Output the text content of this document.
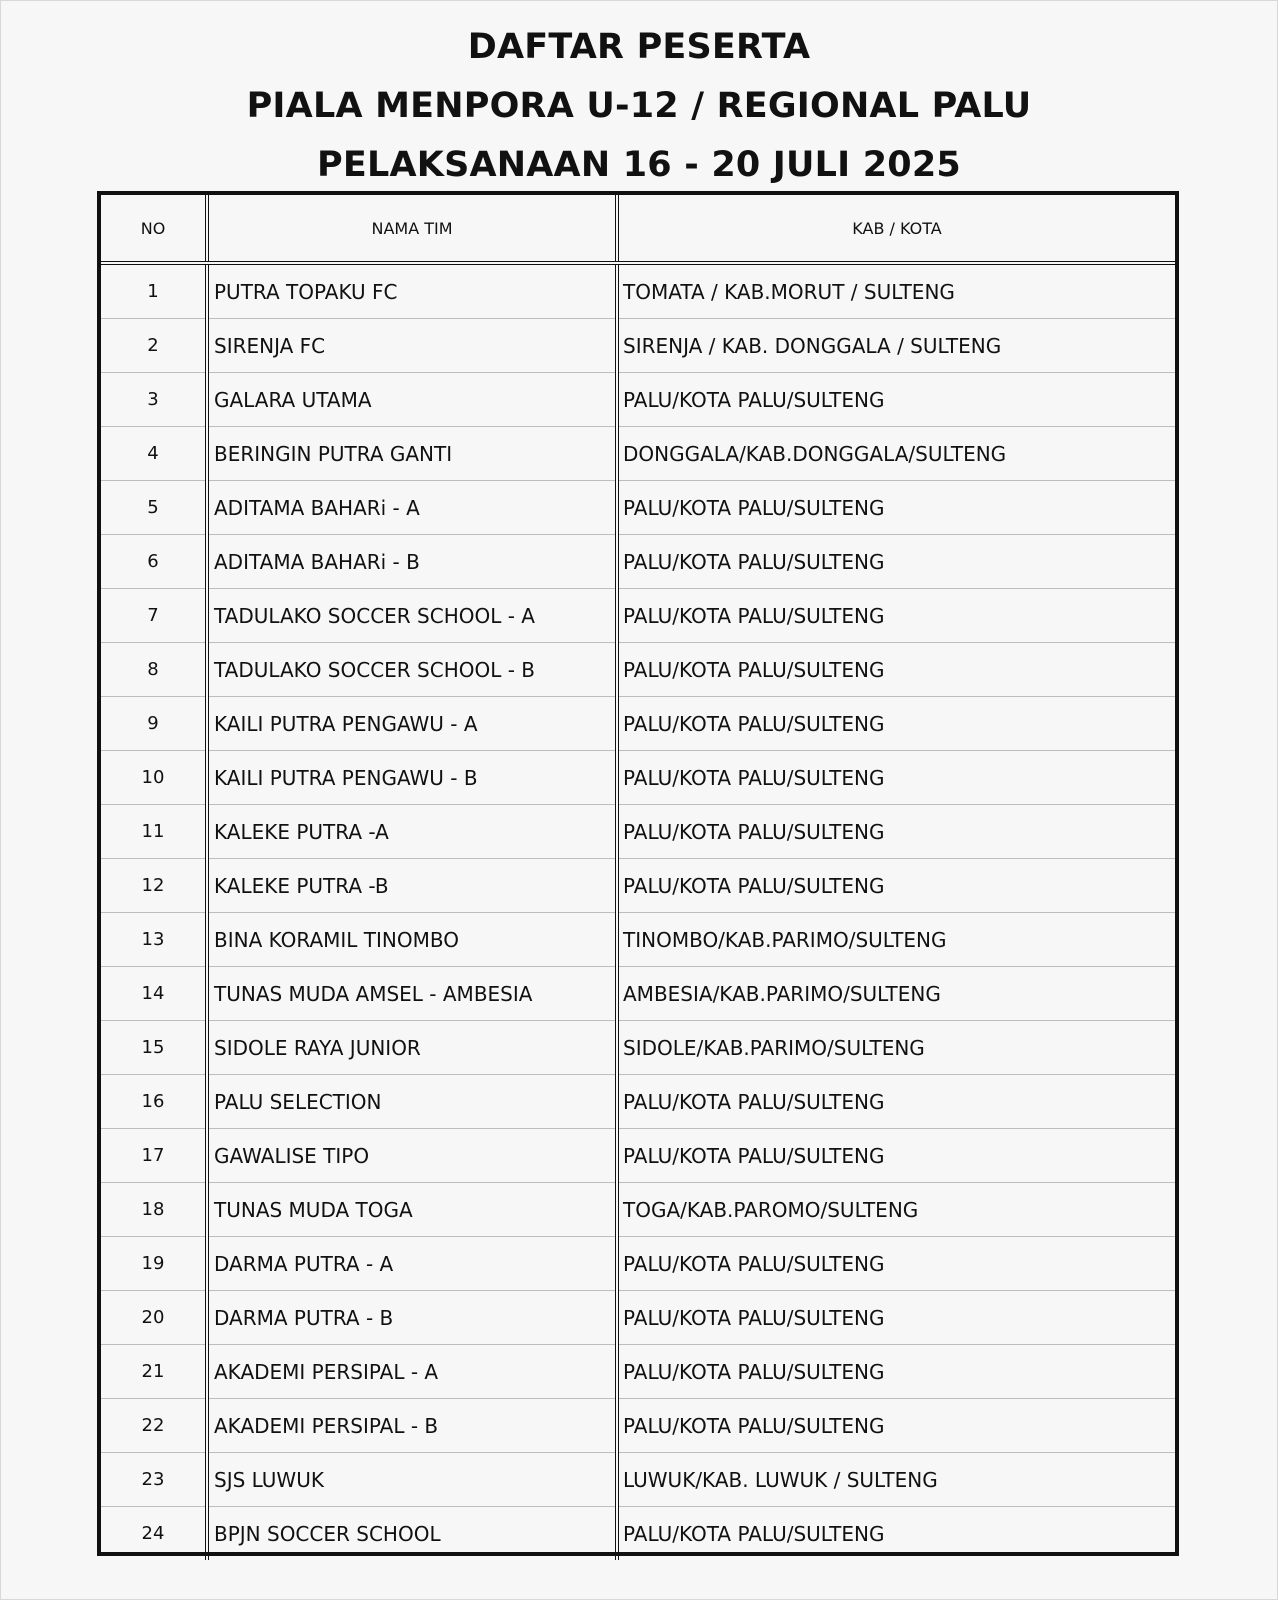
DAFTAR PESERTA
PIALA MENPORA U-12 / REGIONAL PALU
PELAKSANAAN 16 - 20 JULI 2025
NO	NAMA TIM	KAB / KOTA
1	PUTRA TOPAKU FC	TOMATA / KAB.MORUT / SULTENG
2	SIRENJA FC	SIRENJA / KAB. DONGGALA / SULTENG
3	GALARA UTAMA	PALU/KOTA PALU/SULTENG
4	BERINGIN PUTRA GANTI	DONGGALA/KAB.DONGGALA/SULTENG
5	ADITAMA BAHARi - A	PALU/KOTA PALU/SULTENG
6	ADITAMA BAHARi - B	PALU/KOTA PALU/SULTENG
7	TADULAKO SOCCER SCHOOL - A	PALU/KOTA PALU/SULTENG
8	TADULAKO SOCCER SCHOOL - B	PALU/KOTA PALU/SULTENG
9	KAILI PUTRA PENGAWU - A	PALU/KOTA PALU/SULTENG
10	KAILI PUTRA PENGAWU - B	PALU/KOTA PALU/SULTENG
11	KALEKE PUTRA -A	PALU/KOTA PALU/SULTENG
12	KALEKE PUTRA -B	PALU/KOTA PALU/SULTENG
13	BINA KORAMIL TINOMBO	TINOMBO/KAB.PARIMO/SULTENG
14	TUNAS MUDA AMSEL - AMBESIA	AMBESIA/KAB.PARIMO/SULTENG
15	SIDOLE RAYA JUNIOR	SIDOLE/KAB.PARIMO/SULTENG
16	PALU SELECTION	PALU/KOTA PALU/SULTENG
17	GAWALISE TIPO	PALU/KOTA PALU/SULTENG
18	TUNAS MUDA TOGA	TOGA/KAB.PAROMO/SULTENG
19	DARMA PUTRA - A	PALU/KOTA PALU/SULTENG
20	DARMA PUTRA - B	PALU/KOTA PALU/SULTENG
21	AKADEMI PERSIPAL - A	PALU/KOTA PALU/SULTENG
22	AKADEMI PERSIPAL - B	PALU/KOTA PALU/SULTENG
23	SJS LUWUK	LUWUK/KAB. LUWUK / SULTENG
24	BPJN SOCCER SCHOOL	PALU/KOTA PALU/SULTENG
